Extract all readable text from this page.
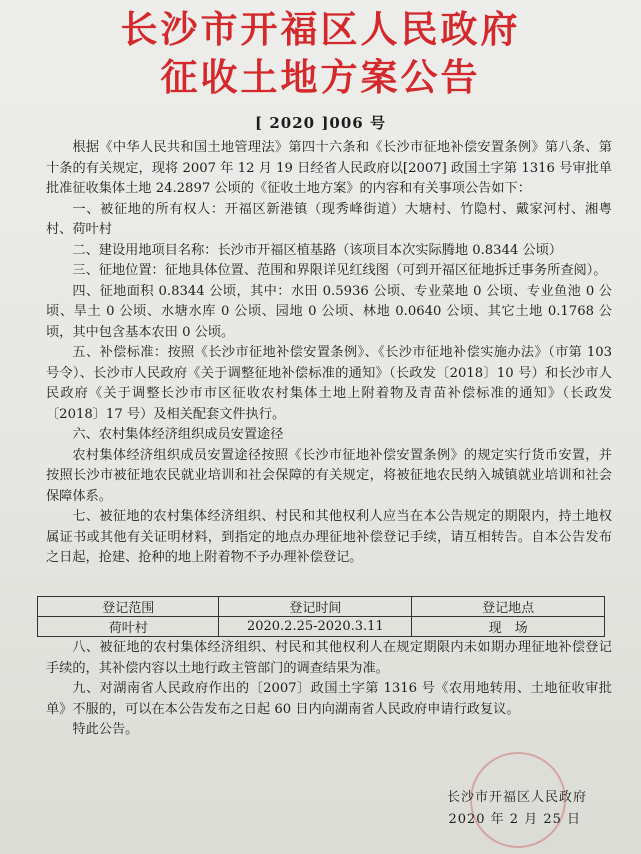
长沙市开福区人民政府
征收土地方案公告
[ 2020 ]006 号

根据《中华人民共和国土地管理法》第四十六条和《长沙市征地补偿安置条例》第八条、第十条的有关规定，现将 2007 年 12 月 19 日经省人民政府以[2007] 政国土字第 1316 号审批单批准征收集体土地 24.2897 公顷的《征收土地方案》的内容和有关事项公告如下：

一、被征地的所有权人：开福区新港镇（现秀峰街道）大塘村、竹隐村、戴家河村、湘粤村、荷叶村

二、建设用地项目名称：长沙市开福区植基路（该项目本次实际腾地 0.8344 公顷）

三、征地位置：征地具体位置、范围和界限详见红线图（可到开福区征地拆迁事务所查阅）。

四、征地面积 0.8344 公顷，其中：水田 0.5936 公顷、专业菜地 0 公顷、专业鱼池 0 公顷、旱土 0 公顷、水塘水库 0 公顷、园地 0 公顷、林地 0.0640 公顷、其它土地 0.1768 公顷，其中包含基本农田 0 公顷。

五、补偿标准：按照《长沙市征地补偿安置条例》、《长沙市征地补偿实施办法》（市第 103 号令）、长沙市人民政府《关于调整征地补偿标准的通知》（长政发〔2018〕10 号）和长沙市人民政府《关于调整长沙市市区征收农村集体土地上附着物及青苗补偿标准的通知》（长政发〔2018〕17 号）及相关配套文件执行。

六、农村集体经济组织成员安置途径

农村集体经济组织成员安置途径按照《长沙市征地补偿安置条例》的规定实行货币安置，并按照长沙市被征地农民就业培训和社会保障的有关规定，将被征地农民纳入城镇就业培训和社会保障体系。

七、被征地的农村集体经济组织、村民和其他权利人应当在本公告规定的期限内，持土地权属证书或其他有关证明材料，到指定的地点办理征地补偿登记手续，请互相转告。自本公告发布之日起，抢建、抢种的地上附着物不予办理补偿登记。

登记范围	登记时间	登记地点
荷叶村	2020.2.25-2020.3.11	现　场

八、被征地的农村集体经济组织、村民和其他权利人在规定期限内未如期办理征地补偿登记手续的，其补偿内容以土地行政主管部门的调查结果为准。

九、对湖南省人民政府作出的〔2007〕政国土字第 1316 号《农用地转用、土地征收审批单》不服的，可以在本公告发布之日起 60 日内向湖南省人民政府申请行政复议。

特此公告。

长沙市开福区人民政府
2020 年 2 月 25 日
